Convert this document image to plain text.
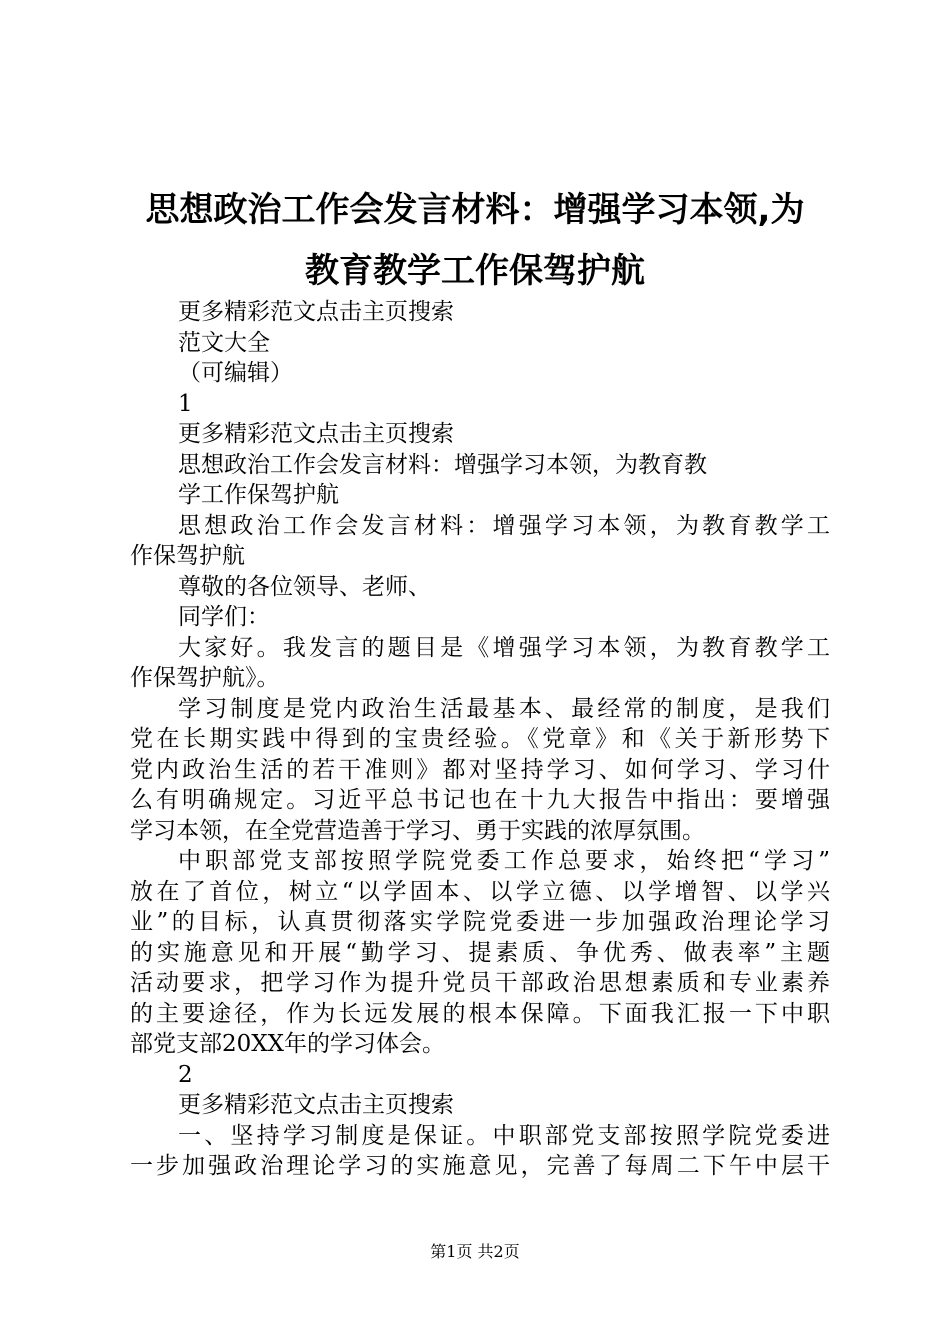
思想政治工作会发言材料：增强学习本领,为
教育教学工作保驾护航
更多精彩范文点击主页搜索
范文大全
（可编辑）
1
更多精彩范文点击主页搜索
思想政治工作会发言材料：增强学习本领，为教育教
学工作保驾护航
思想政治工作会发言材料：增强学习本领，为教育教学工
作保驾护航
尊敬的各位领导、老师、
同学们：
大家好。我发言的题目是《增强学习本领，为教育教学工
作保驾护航》。
学习制度是党内政治生活最基本、最经常的制度，是我们
党在长期实践中得到的宝贵经验。《党章》和《关于新形势下
党内政治生活的若干准则》都对坚持学习、如何学习、学习什
么有明确规定。习近平总书记也在十九大报告中指出：要增强
学习本领，在全党营造善于学习、勇于实践的浓厚氛围。
中职部党支部按照学院党委工作总要求，始终把“学习”
放在了首位，树立“以学固本、以学立德、以学增智、以学兴
业”的目标，认真贯彻落实学院党委进一步加强政治理论学习
的实施意见和开展“勤学习、提素质、争优秀、做表率”主题
活动要求，把学习作为提升党员干部政治思想素质和专业素养
的主要途径，作为长远发展的根本保障。下面我汇报一下中职
部党支部20XX年的学习体会。
2
更多精彩范文点击主页搜索
一、坚持学习制度是保证。中职部党支部按照学院党委进
一步加强政治理论学习的实施意见，完善了每周二下午中层干
第1页 共2页
